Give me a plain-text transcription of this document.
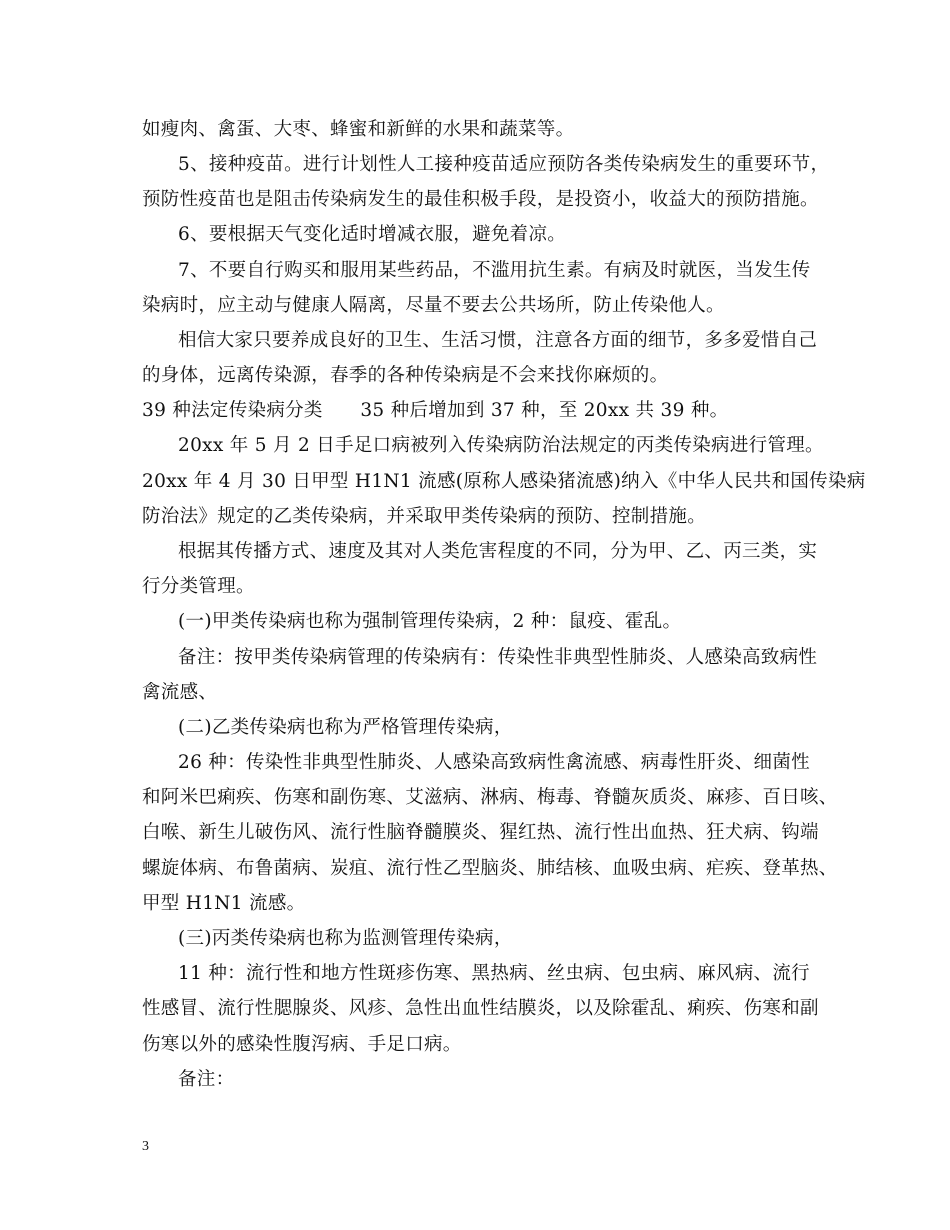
如瘦肉、禽蛋、大枣、蜂蜜和新鲜的水果和蔬菜等。
5、接种疫苗。进行计划性人工接种疫苗适应预防各类传染病发生的重要环节，
预防性疫苗也是阻击传染病发生的最佳积极手段，是投资小，收益大的预防措施。
6、要根据天气变化适时增减衣服，避免着凉。
7、不要自行购买和服用某些药品，不滥用抗生素。有病及时就医，当发生传
染病时，应主动与健康人隔离，尽量不要去公共场所，防止传染他人。
相信大家只要养成良好的卫生、生活习惯，注意各方面的细节，多多爱惜自己
的身体，远离传染源，春季的各种传染病是不会来找你麻烦的。
39 种法定传染病分类　　35 种后增加到 37 种，至 20xx 共 39 种。
20xx 年 5 月 2 日手足口病被列入传染病防治法规定的丙类传染病进行管理。
20xx 年 4 月 30 日甲型 H1N1 流感(原称人感染猪流感)纳入《中华人民共和国传染病
防治法》规定的乙类传染病，并采取甲类传染病的预防、控制措施。
根据其传播方式、速度及其对人类危害程度的不同，分为甲、乙、丙三类，实
行分类管理。
(一)甲类传染病也称为强制管理传染病，2 种：鼠疫、霍乱。
备注：按甲类传染病管理的传染病有：传染性非典型性肺炎、人感染高致病性
禽流感、
(二)乙类传染病也称为严格管理传染病，
26 种：传染性非典型性肺炎、人感染高致病性禽流感、病毒性肝炎、细菌性
和阿米巴痢疾、伤寒和副伤寒、艾滋病、淋病、梅毒、脊髓灰质炎、麻疹、百日咳、
白喉、新生儿破伤风、流行性脑脊髓膜炎、猩红热、流行性出血热、狂犬病、钩端
螺旋体病、布鲁菌病、炭疽、流行性乙型脑炎、肺结核、血吸虫病、疟疾、登革热、
甲型 H1N1 流感。
(三)丙类传染病也称为监测管理传染病，
11 种：流行性和地方性斑疹伤寒、黑热病、丝虫病、包虫病、麻风病、流行
性感冒、流行性腮腺炎、风疹、急性出血性结膜炎，以及除霍乱、痢疾、伤寒和副
伤寒以外的感染性腹泻病、手足口病。
备注：
3
